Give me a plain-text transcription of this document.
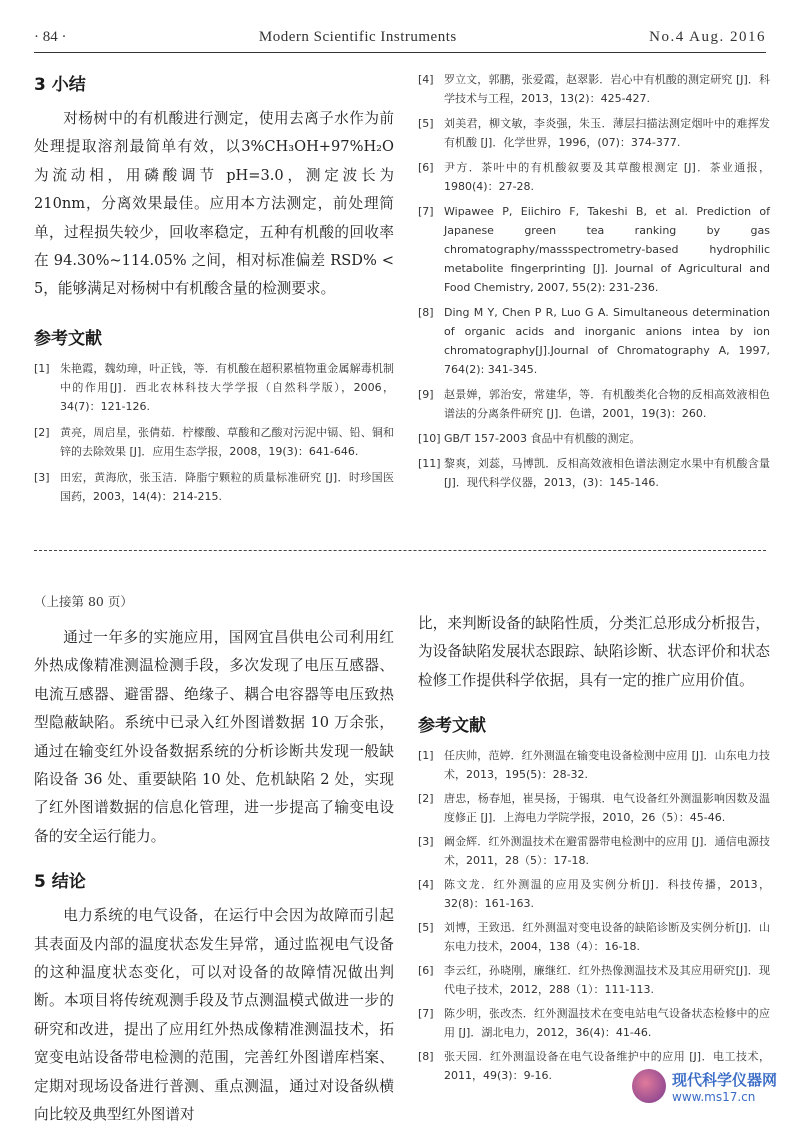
· 84 ·	Modern Scientific Instruments	No.4 Aug. 2016
3 小结

对杨树中的有机酸进行测定，使用去离子水作为前处理提取溶剂最简单有效，以3%CH₃OH+97%H₂O 为流动相，用磷酸调节 pH=3.0，测定波长为 210nm，分离效果最佳。应用本方法测定，前处理简单，过程损失较少，回收率稳定，五种有机酸的回收率在 94.30%~114.05% 之间，相对标准偏差 RSD% < 5，能够满足对杨树中有机酸含量的检测要求。

参考文献
[1] 朱艳霞，魏幼璋，叶正钱，等．有机酸在超积累植物重金属解毒机制中的作用[J]．西北农林科技大学学报（自然科学版），2006，34(7)：121-126.
[2] 黄亮，周启星，张倩茹．柠檬酸、草酸和乙酸对污泥中镉、铅、铜和锌的去除效果 [J]．应用生态学报，2008，19(3)：641-646.
[3] 田宏，黄海欣，张玉洁．降脂宁颗粒的质量标准研究 [J]．时珍国医国药，2003，14(4)：214-215.
[4] 罗立文，郭鹏，张爱霞，赵翠影．岩心中有机酸的测定研究 [J]．科学技术与工程，2013，13(2)：425-427.
[5] 刘美君，柳文敏，李炎强，朱玉．薄层扫描法测定烟叶中的难挥发有机酸 [J]．化学世界，1996，(07)：374-377.
[6] 尹方．茶叶中的有机酸叙要及其草酸根测定 [J]．茶业通报，1980(4)：27-28.
[7] Wipawee P, Eiichiro F, Takeshi B, et al. Prediction of Japanese green tea ranking by gas chromatography/massspectrometry-based hydrophilic metabolite fingerprinting [J]. Journal of Agricultural and Food Chemistry, 2007, 55(2): 231-236.
[8] Ding M Y, Chen P R, Luo G A. Simultaneous determination of organic acids and inorganic anions intea by ion chromatography[J].Journal of Chromatography A, 1997, 764(2): 341-345.
[9] 赵景婵，郭治安，常建华，等．有机酸类化合物的反相高效液相色谱法的分离条件研究 [J]．色谱，2001，19(3)：260.
[10] GB/T 157-2003 食品中有机酸的测定。
[11] 黎爽，刘蕊，马博凯．反相高效液相色谱法测定水果中有机酸含量 [J]．现代科学仪器，2013，(3)：145-146.

（上接第 80 页）

通过一年多的实施应用，国网宜昌供电公司利用红外热成像精准测温检测手段，多次发现了电压互感器、电流互感器、避雷器、绝缘子、耦合电容器等电压致热型隐蔽缺陷。系统中已录入红外图谱数据 10 万余张，通过在输变红外设备数据系统的分析诊断共发现一般缺陷设备 36 处、重要缺陷 10 处、危机缺陷 2 处，实现了红外图谱数据的信息化管理，进一步提高了输变电设备的安全运行能力。

5 结论

电力系统的电气设备，在运行中会因为故障而引起其表面及内部的温度状态发生异常，通过监视电气设备的这种温度状态变化，可以对设备的故障情况做出判断。本项目将传统观测手段及节点测温模式做进一步的研究和改进，提出了应用红外热成像精准测温技术，拓宽变电站设备带电检测的范围，完善红外图谱库档案、定期对现场设备进行普测、重点测温，通过对设备纵横向比较及典型红外图谱对

比，来判断设备的缺陷性质，分类汇总形成分析报告，为设备缺陷发展状态跟踪、缺陷诊断、状态评价和状态检修工作提供科学依据，具有一定的推广应用价值。

参考文献
[1] 任庆帅，范婷．红外测温在输变电设备检测中应用 [J]．山东电力技术，2013，195(5)：28-32.
[2] 唐忠，杨春旭，崔昊扬，于锡琪．电气设备红外测温影响因数及温度修正 [J]．上海电力学院学报，2010，26（5）：45-46.
[3] 阚金辉．红外测温技术在避雷器带电检测中的应用 [J]．通信电源技术，2011，28（5）：17-18.
[4] 陈文龙．红外测温的应用及实例分析[J]．科技传播，2013，32(8)：161-163.
[5] 刘博，王致迅．红外测温对变电设备的缺陷诊断及实例分析[J]．山东电力技术，2004，138（4）：16-18.
[6] 李云红，孙晓刚，廉继红．红外热像测温技术及其应用研究[J]．现代电子技术，2012，288（1）：111-113.
[7] 陈少明，张改杰．红外测温技术在变电站电气设备状态检修中的应用 [J]．湖北电力，2012，36(4)：41-46.
[8] 张天园．红外测温设备在电气设备维护中的应用 [J]．电工技术，2011，49(3)：9-16.	现代科学仪器网
www.ms17.cn
